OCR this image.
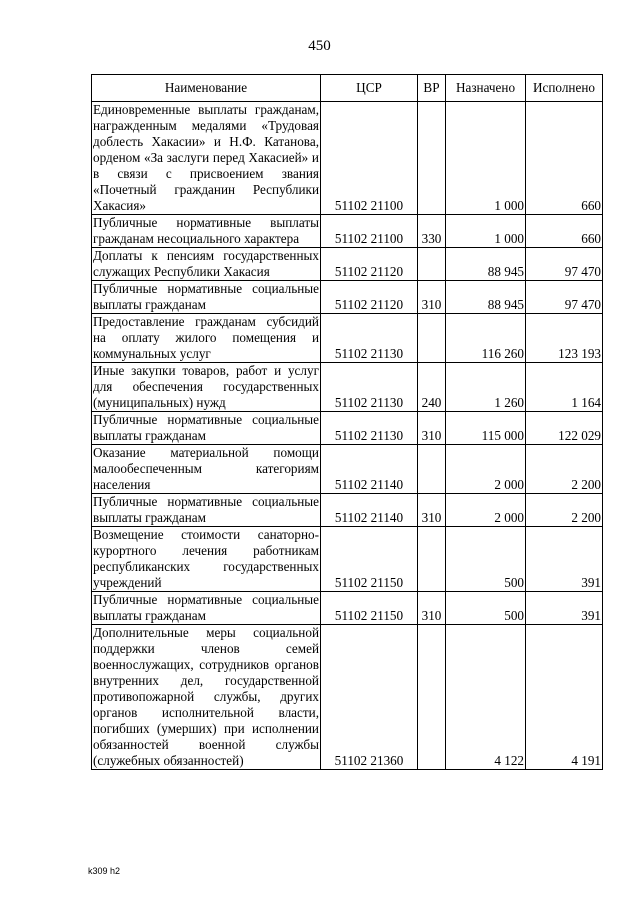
450
Наименование	ЦСР	ВР	Назначено	Исполнено
Единовременные выплаты гражданам, награжденным медалями «Трудовая доблесть Хакасии» и Н.Ф. Катанова, орденом «За заслуги перед Хакасией» и в связи с присвоением звания «Почетный гражданин Республики Хакасия»	51102 21100		1 000	660
Публичные нормативные выплаты гражданам несоциального характера	51102 21100	330	1 000	660
Доплаты к пенсиям государственных служащих Республики Хакасия	51102 21120		88 945	97 470
Публичные нормативные социальные выплаты гражданам	51102 21120	310	88 945	97 470
Предоставление гражданам субсидий на оплату жилого помещения и коммунальных услуг	51102 21130		116 260	123 193
Иные закупки товаров, работ и услуг для обеспечения государственных (муниципальных) нужд	51102 21130	240	1 260	1 164
Публичные нормативные социальные выплаты гражданам	51102 21130	310	115 000	122 029
Оказание материальной помощи малообеспеченным категориям населения	51102 21140		2 000	2 200
Публичные нормативные социальные выплаты гражданам	51102 21140	310	2 000	2 200
Возмещение стоимости санаторно-курортного лечения работникам республиканских государственных учреждений	51102 21150		500	391
Публичные нормативные социальные выплаты гражданам	51102 21150	310	500	391
Дополнительные меры социальной поддержки членов семей военнослужащих, сотрудников органов внутренних дел, государственной противопожарной службы, других органов исполнительной власти, погибших (умерших) при исполнении обязанностей военной службы (служебных обязанностей)	51102 21360		4 122	4 191
k309 h2
